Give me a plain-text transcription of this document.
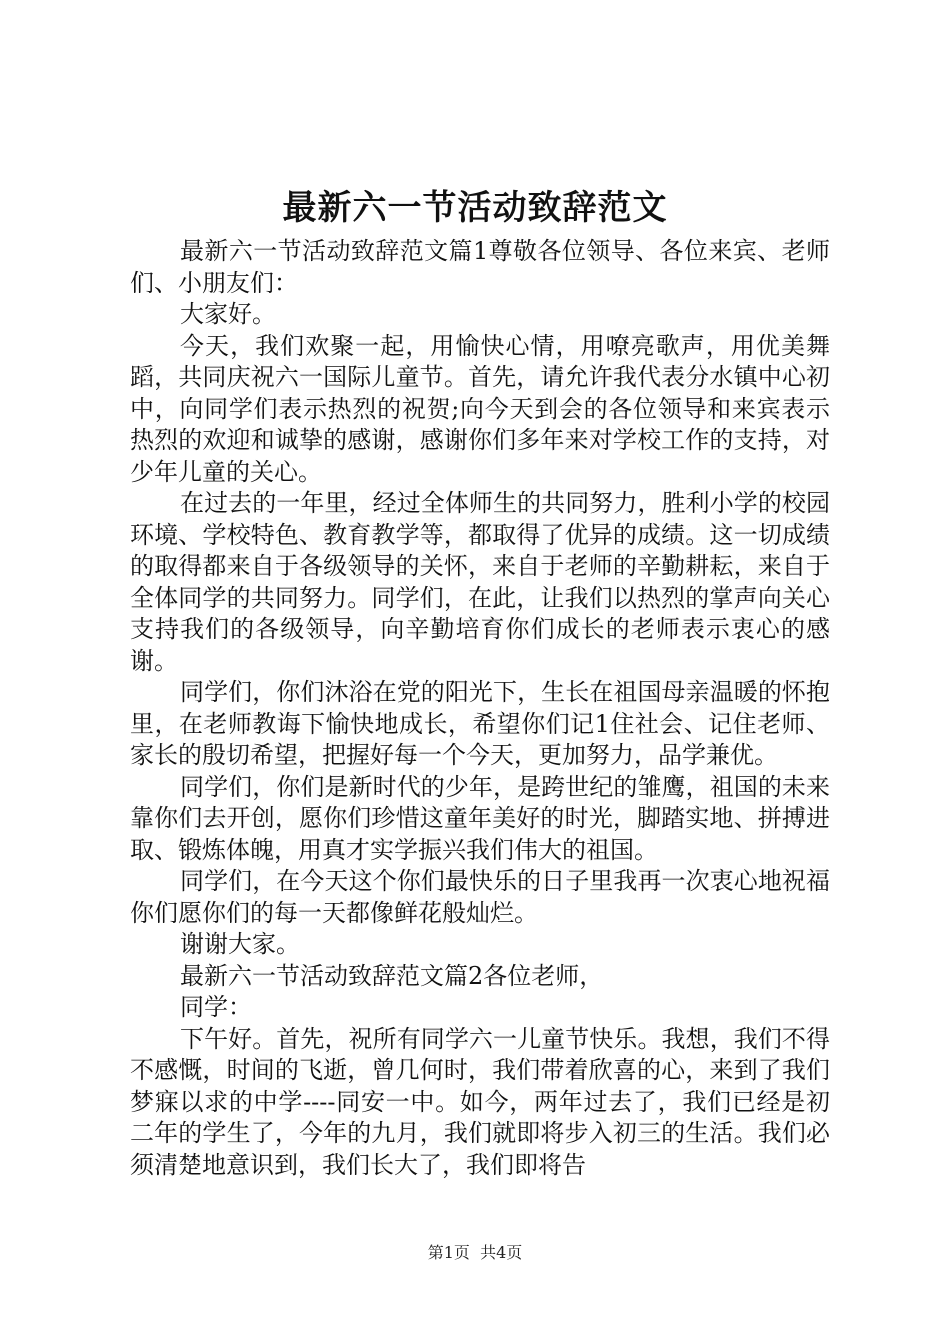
最新六一节活动致辞范文

最新六一节活动致辞范文篇1尊敬各位领导、各位来宾、老师们、小朋友们：

大家好。

今天，我们欢聚一起，用愉快心情，用嘹亮歌声，用优美舞蹈，共同庆祝六一国际儿童节。首先，请允许我代表分水镇中心初中，向同学们表示热烈的祝贺;向今天到会的各位领导和来宾表示热烈的欢迎和诚挚的感谢，感谢你们多年来对学校工作的支持，对少年儿童的关心。

在过去的一年里，经过全体师生的共同努力，胜利小学的校园环境、学校特色、教育教学等，都取得了优异的成绩。这一切成绩的取得都来自于各级领导的关怀，来自于老师的辛勤耕耘，来自于全体同学的共同努力。同学们，在此，让我们以热烈的掌声向关心支持我们的各级领导，向辛勤培育你们成长的老师表示衷心的感谢。

同学们，你们沐浴在党的阳光下，生长在祖国母亲温暖的怀抱里，在老师教诲下愉快地成长，希望你们记1住社会、记住老师、家长的殷切希望，把握好每一个今天，更加努力，品学兼优。

同学们，你们是新时代的少年，是跨世纪的雏鹰，祖国的未来靠你们去开创，愿你们珍惜这童年美好的时光，脚踏实地、拼搏进取、锻炼体魄，用真才实学振兴我们伟大的祖国。

同学们，在今天这个你们最快乐的日子里我再一次衷心地祝福你们愿你们的每一天都像鲜花般灿烂。

谢谢大家。

最新六一节活动致辞范文篇2各位老师，

同学：

下午好。首先，祝所有同学六一儿童节快乐。我想，我们不得不感慨，时间的飞逝，曾几何时，我们带着欣喜的心，来到了我们梦寐以求的中学----同安一中。如今，两年过去了，我们已经是初二年的学生了，今年的九月，我们就即将步入初三的生活。我们必须清楚地意识到，我们长大了，我们即将告

第1页  共4页
